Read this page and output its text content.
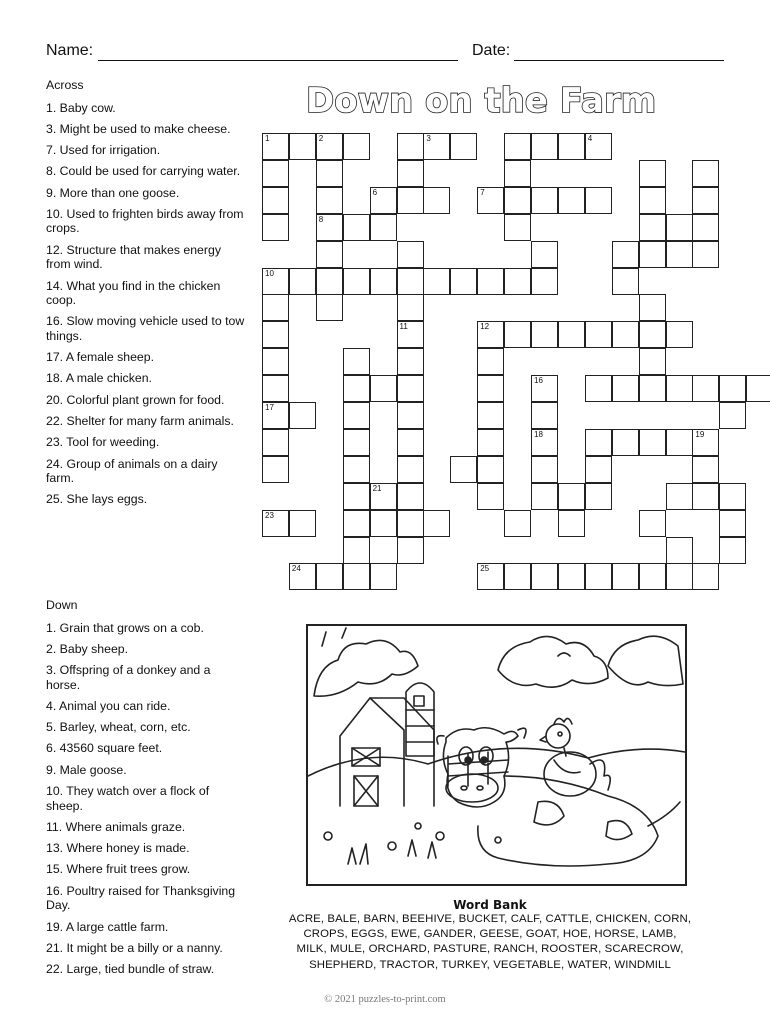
Name:	Date:
Down on the Farm
Across
1. Baby cow.
3. Might be used to make cheese.
7. Used for irrigation.
8. Could be used for carrying water.
9. More than one goose.
10. Used to frighten birds away from crops.
12. Structure that makes energy from wind.
14. What you find in the chicken coop.
16. Slow moving vehicle used to tow things.
17. A female sheep.
18. A male chicken.
20. Colorful plant grown for food.
22. Shelter for many farm animals.
23. Tool for weeding.
24. Group of animals on a dairy farm.
25. She lays eggs.
Down
1. Grain that grows on a cob.
2. Baby sheep.
3. Offspring of a donkey and a horse.
4. Animal you can ride.
5. Barley, wheat, corn, etc.
6. 43560 square feet.
9. Male goose.
10. They watch over a flock of sheep.
11. Where animals graze.
13. Where honey is made.
15. Where fruit trees grow.
16. Poultry raised for Thanksgiving Day.
19. A large cattle farm.
21. It might be a billy or a nanny.
22. Large, tied bundle of straw.
1	2	3	4
6	7
8
10
11	12
16
17
18	19
21
23
24	25
Word Bank
ACRE, BALE, BARN, BEEHIVE, BUCKET, CALF, CATTLE, CHICKEN, CORN,
CROPS, EGGS, EWE, GANDER, GEESE, GOAT, HOE, HORSE, LAMB,
MILK, MULE, ORCHARD, PASTURE, RANCH, ROOSTER, SCARECROW,
SHEPHERD, TRACTOR, TURKEY, VEGETABLE, WATER, WINDMILL
© 2021 puzzles-to-print.com
